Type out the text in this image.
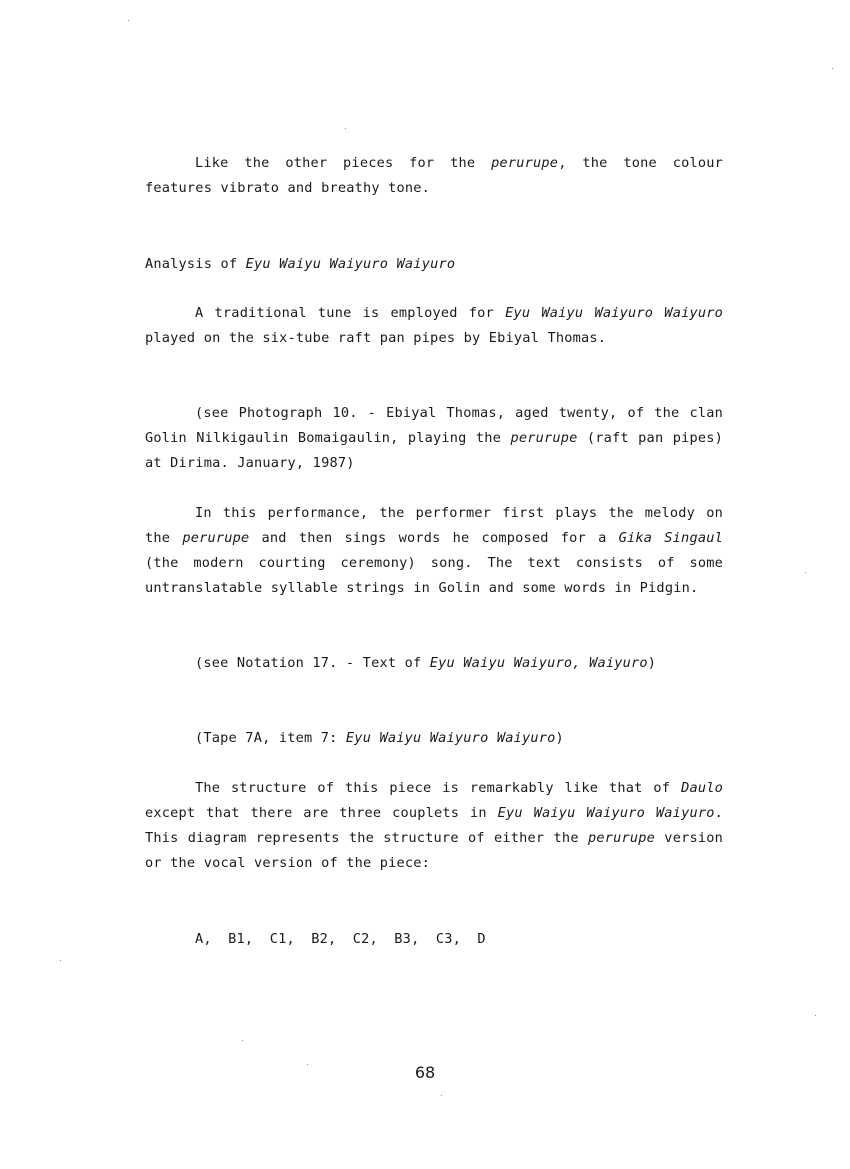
Like the other pieces for the perurupe, the tone colour features vibrato and breathy tone.

Analysis of Eyu Waiyu Waiyuro Waiyuro

A traditional tune is employed for Eyu Waiyu Waiyuro Waiyuro played on the six-tube raft pan pipes by Ebiyal Thomas.

(see Photograph 10. - Ebiyal Thomas, aged twenty, of the clan Golin Nilkigaulin Bomaigaulin, playing the perurupe (raft pan pipes) at Dirima. January, 1987)

In this performance, the performer first plays the melody on the perurupe and then sings words he composed for a Gika Singaul (the modern courting ceremony) song. The text consists of some untranslatable syllable strings in Golin and some words in Pidgin.

(see Notation 17. - Text of Eyu Waiyu Waiyuro, Waiyuro)

(Tape 7A, item 7: Eyu Waiyu Waiyuro Waiyuro)

The structure of this piece is remarkably like that of Daulo except that there are three couplets in Eyu Waiyu Waiyuro Waiyuro. This diagram represents the structure of either the perurupe version or the vocal version of the piece:

A, B1, C1, B2, C2, B3, C3, D

68
